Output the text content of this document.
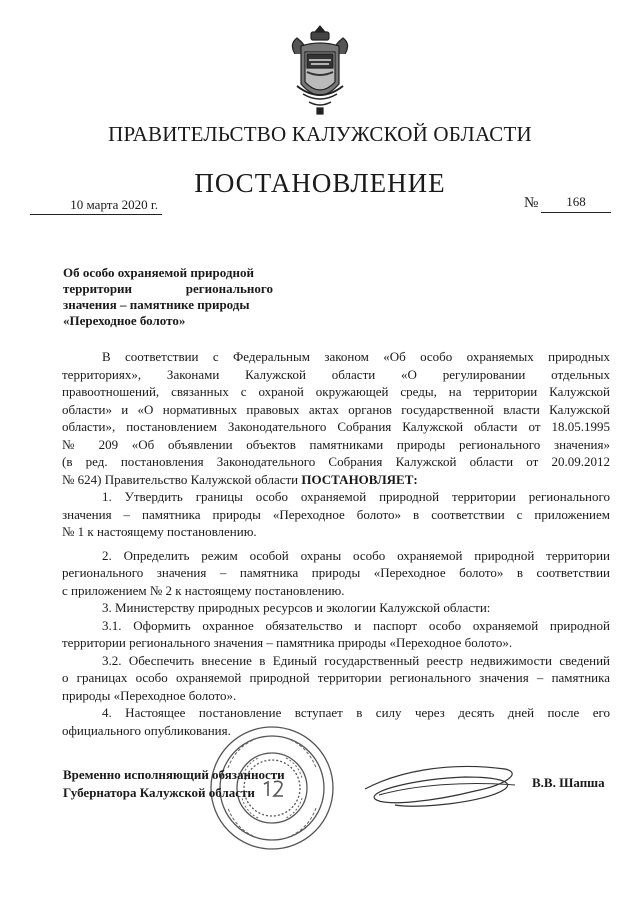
ПРАВИТЕЛЬСТВО КАЛУЖСКОЙ ОБЛАСТИ
ПОСТАНОВЛЕНИЕ
10 марта 2020 г.	№	168
Об особо охраняемой природной
территории регионального
значения – памятнике природы
«Переходное болото»
В соответствии с Федеральным законом «Об особо охраняемых природных
территориях», Законами Калужской области «О регулировании отдельных
правоотношений, связанных с охраной окружающей среды, на территории Калужской
области» и «О нормативных правовых актах органов государственной власти Калужской
области», постановлением Законодательного Собрания Калужской области от 18.05.1995
№ 209 «Об объявлении объектов памятниками природы регионального значения»
(в ред. постановления Законодательного Собрания Калужской области от 20.09.2012
№ 624) Правительство Калужской области ПОСТАНОВЛЯЕТ:
1. Утвердить границы особо охраняемой природной территории регионального
значения – памятника природы «Переходное болото» в соответствии с приложением
№ 1 к настоящему постановлению.
2. Определить режим особой охраны особо охраняемой природной территории
регионального значения – памятника природы «Переходное болото» в соответствии
с приложением № 2 к настоящему постановлению.
3. Министерству природных ресурсов и экологии Калужской области:
3.1. Оформить охранное обязательство и паспорт особо охраняемой природной
территории регионального значения – памятника природы «Переходное болото».
3.2. Обеспечить внесение в Единый государственный реестр недвижимости сведений
о границах особо охраняемой природной территории регионального значения – памятника
природы «Переходное болото».
4. Настоящее постановление вступает в силу через десять дней после его
официального опубликования.
Временно исполняющий обязанности
Губернатора Калужской области
В.В. Шапша
